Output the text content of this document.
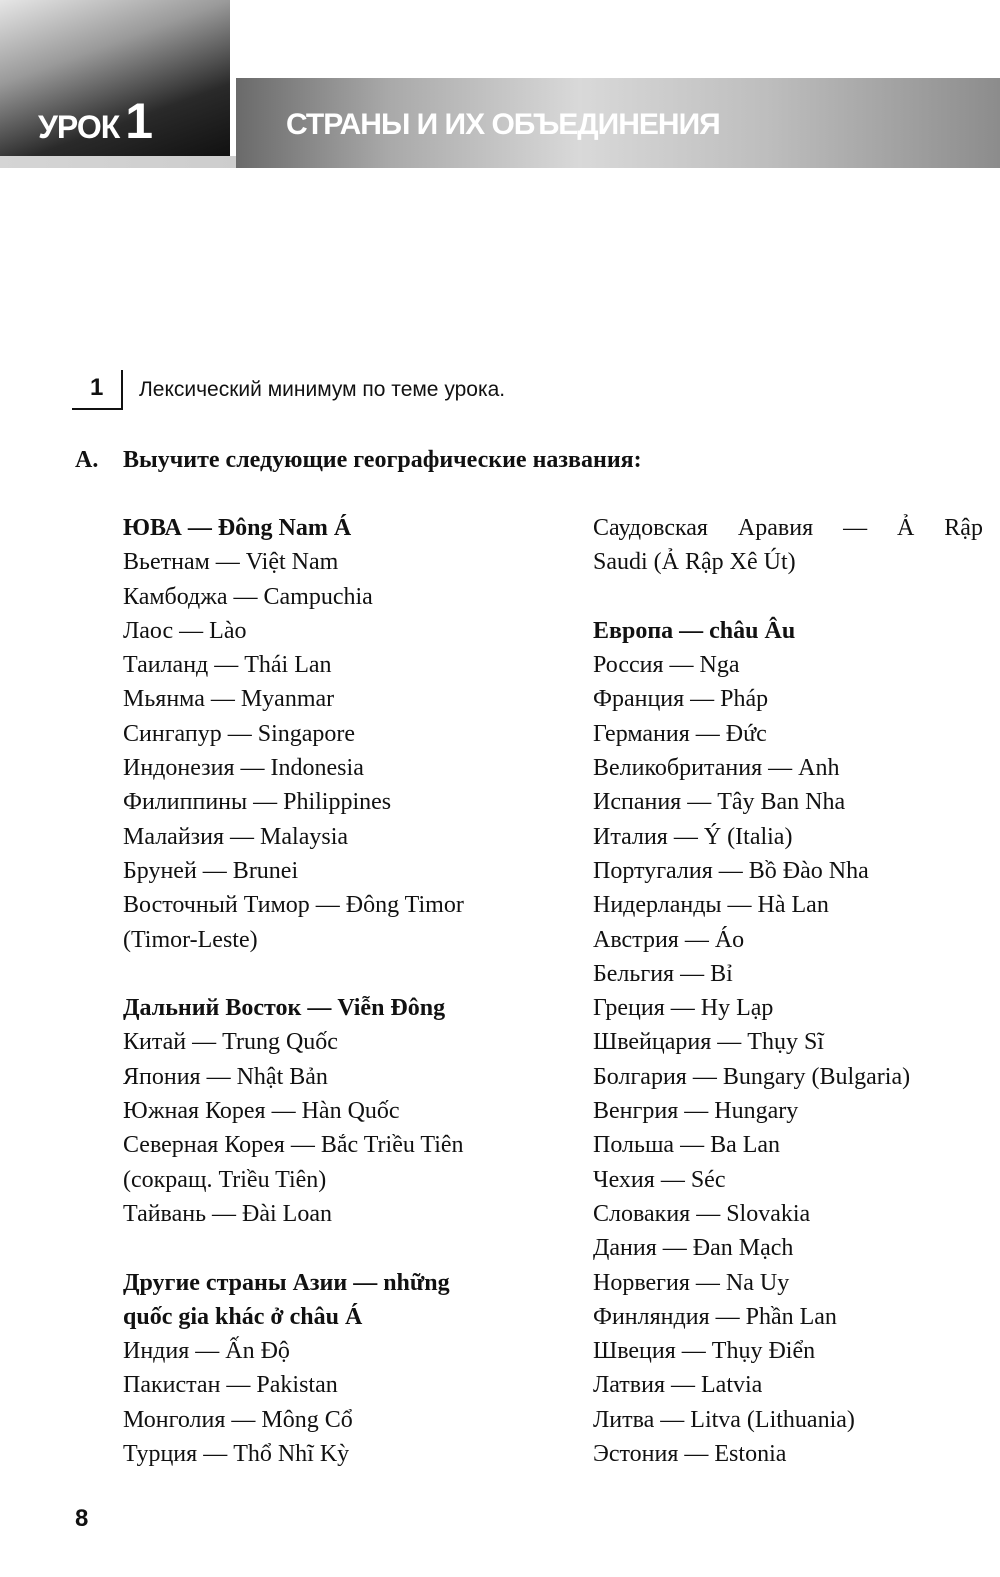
УРОК 1	СТРАНЫ И ИХ ОБЪЕДИНЕНИЯ
1 Лексический минимум по теме урока.
А. Выучите следующие географические названия:
ЮВА — Đông Nam Á
Вьетнам — Việt Nam
Камбоджа — Campuchia
Лаос — Lào
Таиланд — Thái Lan
Мьянма — Myanmar
Сингапур — Singapore
Индонезия — Indonesia
Филиппины — Philippines
Малайзия — Malaysia
Бруней — Brunei
Восточный Тимор — Đông Timor
(Timor-Leste)
Дальний Восток — Viễn Đông
Китай — Trung Quốc
Япония — Nhật Bản
Южная Корея — Hàn Quốc
Северная Корея — Bắc Triều Tiên
(сокращ. Triều Tiên)
Тайвань — Đài Loan
Другие страны Азии — những
quốc gia khác ở châu Á
Индия — Ấn Độ
Пакистан — Pakistan
Монголия — Mông Cổ
Турция — Thổ Nhĩ Kỳ
Саудовская Аравия — Ả Rập
Saudi (Ả Rập Xê Út)
Европа — châu Âu
Россия — Nga
Франция — Pháp
Германия — Đức
Великобритания — Anh
Испания — Tây Ban Nha
Италия — Ý (Italia)
Португалия — Bồ Đào Nha
Нидерланды — Hà Lan
Австрия — Áo
Бельгия — Bỉ
Греция — Hy Lạp
Швейцария — Thụy Sĩ
Болгария — Bungary (Bulgaria)
Венгрия — Hungary
Польша — Ba Lan
Чехия — Séc
Словакия — Slovakia
Дания — Đan Mạch
Норвегия — Na Uy
Финляндия — Phần Lan
Швеция — Thụy Điển
Латвия — Latvia
Литва — Litva (Lithuania)
Эстония — Estonia
8
